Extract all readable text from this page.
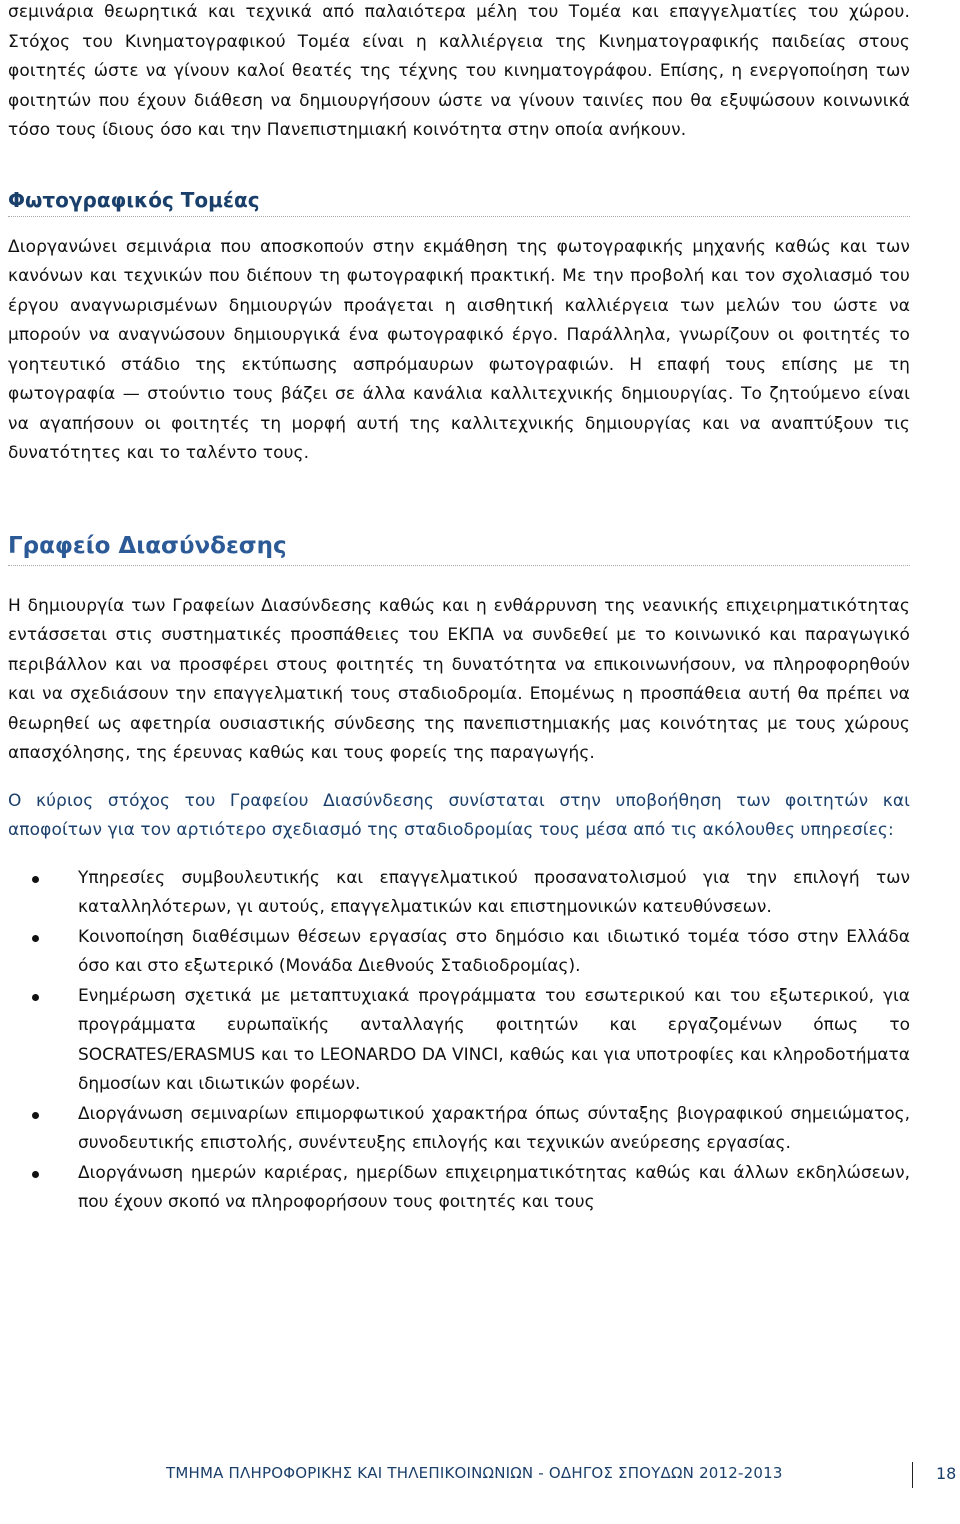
σεμινάρια θεωρητικά και τεχνικά από παλαιότερα μέλη του Τομέα και επαγγελματίες του χώρου. Στόχος του Κινηματογραφικού Τομέα είναι η καλλιέργεια της Κινηματογραφικής παιδείας στους φοιτητές ώστε να γίνουν καλοί θεατές της τέχνης του κινηματογράφου. Επίσης, η ενεργοποίηση των φοιτητών που έχουν διάθεση να δημιουργήσουν ώστε να γίνουν ταινίες που θα εξυψώσουν κοινωνικά τόσο τους ίδιους όσο και την Πανεπιστημιακή κοινότητα στην οποία ανήκουν.

Φωτογραφικός Τομέας

Διοργανώνει σεμινάρια που αποσκοπούν στην εκμάθηση της φωτογραφικής μηχανής καθώς και των κανόνων και τεχνικών που διέπουν τη φωτογραφική πρακτική. Με την προβολή και τον σχολιασμό του έργου αναγνωρισμένων δημιουργών προάγεται η αισθητική καλλιέργεια των μελών του ώστε να μπορούν να αναγνώσουν δημιουργικά ένα φωτογραφικό έργο. Παράλληλα, γνωρίζουν οι φοιτητές το γοητευτικό στάδιο της εκτύπωσης ασπρόμαυρων φωτογραφιών. Η επαφή τους επίσης με τη φωτογραφία — στούντιο τους βάζει σε άλλα κανάλια καλλιτεχνικής δημιουργίας. Το ζητούμενο είναι να αγαπήσουν οι φοιτητές τη μορφή αυτή της καλλιτεχνικής δημιουργίας και να αναπτύξουν τις δυνατότητες και το ταλέντο τους.

Γραφείο Διασύνδεσης

Η δημιουργία των Γραφείων Διασύνδεσης καθώς και η ενθάρρυνση της νεανικής επιχειρηματικότητας εντάσσεται στις συστηματικές προσπάθειες του ΕΚΠΑ να συνδεθεί με το κοινωνικό και παραγωγικό περιβάλλον και να προσφέρει στους φοιτητές τη δυνατότητα να επικοινωνήσουν, να πληροφορηθούν και να σχεδιάσουν την επαγγελματική τους σταδιοδρομία. Επομένως η προσπάθεια αυτή θα πρέπει να θεωρηθεί ως αφετηρία ουσιαστικής σύνδεσης της πανεπιστημιακής μας κοινότητας με τους χώρους απασχόλησης, της έρευνας καθώς και τους φορείς της παραγωγής.

Ο κύριος στόχος του Γραφείου Διασύνδεσης συνίσταται στην υποβοήθηση των φοιτητών και αποφοίτων για τον αρτιότερο σχεδιασμό της σταδιοδρομίας τους μέσα από τις ακόλουθες υπηρεσίες:

Υπηρεσίες συμβουλευτικής και επαγγελματικού προσανατολισμού για την επιλογή των καταλληλότερων, γι αυτούς, επαγγελματικών και επιστημονικών κατευθύνσεων.
Κοινοποίηση διαθέσιμων θέσεων εργασίας στο δημόσιο και ιδιωτικό τομέα τόσο στην Ελλάδα όσο και στο εξωτερικό (Μονάδα Διεθνούς Σταδιοδρομίας).
Ενημέρωση σχετικά με μεταπτυχιακά προγράμματα του εσωτερικού και του εξωτερικού, για προγράμματα ευρωπαϊκής ανταλλαγής φοιτητών και εργαζομένων όπως το SOCRATES/ERASMUS και το LEONARDO DA VINCI, καθώς και για υποτροφίες και κληροδοτήματα δημοσίων και ιδιωτικών φορέων.
Διοργάνωση σεμιναρίων επιμορφωτικού χαρακτήρα όπως σύνταξης βιογραφικού σημειώματος, συνοδευτικής επιστολής, συνέντευξης επιλογής και τεχνικών ανεύρεσης εργασίας.
Διοργάνωση ημερών καριέρας, ημερίδων επιχειρηματικότητας καθώς και άλλων εκδηλώσεων, που έχουν σκοπό να πληροφορήσουν τους φοιτητές και τους
ΤΜΗΜΑ ΠΛΗΡΟΦΟΡΙΚΗΣ ΚΑΙ ΤΗΛΕΠΙΚΟΙΝΩΝΙΩΝ - ΟΔΗΓΟΣ ΣΠΟΥΔΩΝ 2012-2013	18
